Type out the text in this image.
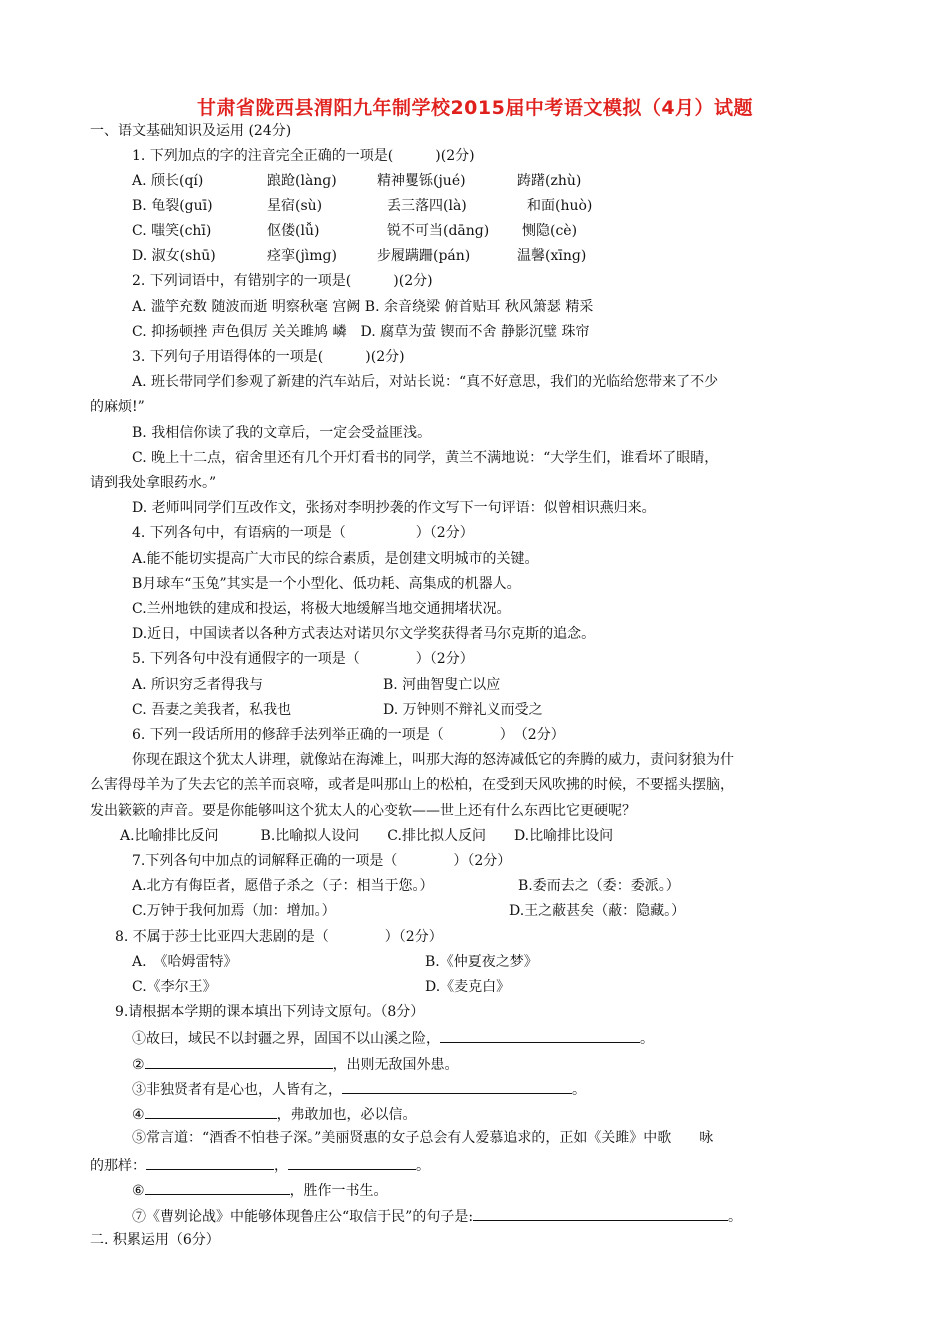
甘肃省陇西县渭阳九年制学校2015届中考语文模拟（4月）试题
一、语文基础知识及运用 (24分)
1. 下列加点的字的注音完全正确的一项是(　　　)(2分)
A. 颀长(qí)	踉跄(lànɡ)	精神矍铄(jué)	踌躇(zhù)
B. 龟裂(guī)	星宿(sù)	丢三落四(là)	和面(huò)
C. 嗤笑(chī)	伛偻(lǚ)	锐不可当(dānɡ) 恻隐(cè)
D. 淑女(shū)	痉挛(jìmɡ)	步履蹒跚(pán)	温馨(xīnɡ)
2. 下列词语中，有错别字的一项是(　　　)(2分)
A. 滥竽充数 随波而逝 明察秋毫 宫阙 B. 余音绕梁 俯首贴耳 秋风箫瑟 精采
C. 抑扬顿挫 声色俱厉 关关雎鸠 嶙　D. 腐草为萤 锲而不舍 静影沉璧 珠帘
3. 下列句子用语得体的一项是(　　　)(2分)
A. 班长带同学们参观了新建的汽车站后，对站长说：“真不好意思，我们的光临给您带来了不少
的麻烦!”
B. 我相信你读了我的文章后，一定会受益匪浅。
C. 晚上十二点，宿舍里还有几个开灯看书的同学，黄兰不满地说：“大学生们，谁看坏了眼睛，
请到我处拿眼药水。”
D. 老师叫同学们互改作文，张扬对李明抄袭的作文写下一句评语：似曾相识燕归来。
4. 下列各句中，有语病的一项是（　　　　　）（2分）
A.能不能切实提高广大市民的综合素质，是创建文明城市的关键。
B月球车“玉兔”其实是一个小型化、低功耗、高集成的机器人。
C.兰州地铁的建成和投运，将极大地缓解当地交通拥堵状况。
D.近日，中国读者以各种方式表达对诺贝尔文学奖获得者马尔克斯的追念。
5. 下列各句中没有通假字的一项是（　　　　）（2分）
A. 所识穷乏者得我与	B. 河曲智叟亡以应
C. 吾妻之美我者，私我也	D. 万钟则不辩礼义而受之
6. 下列一段话所用的修辞手法列举正确的一项是（　　　　）　（2分）
你现在跟这个犹太人讲理，就像站在海滩上，叫那大海的怒涛减低它的奔腾的威力，责问豺狼为什
么害得母羊为了失去它的羔羊而哀啼，或者是叫那山上的松柏，在受到天风吹拂的时候，不要摇头摆脑，
发出簌簌的声音。要是你能够叫这个犹太人的心变软——世上还有什么东西比它更硬呢？
A.比喻排比反问　　　B.比喻拟人设问　　C.排比拟人反问　　D.比喻排比设问
7.下列各句中加点的词解释正确的一项是（　　　　）（2分）
A.北方有侮臣者，愿借子杀之（子：相当于您。）	B.委而去之（委：委派。）
C.万钟于我何加焉（加：增加。）	D.王之蔽甚矣（蔽：隐藏。）
8. 不属于莎士比亚四大悲剧的是（　　　　）（2分）
A.　《哈姆雷特》	B.《仲夏夜之梦》
C.《李尔王》	D.《麦克白》
9.请根据本学期的课本填出下列诗文原句。（8分）
①故曰，域民不以封疆之界，固国不以山溪之险，	。
②	，出则无敌国外患。
③非独贤者有是心也，人皆有之，	。
④	，弗敢加也，必以信。
⑤常言道：“酒香不怕巷子深。”美丽贤惠的女子总会有人爱慕追求的，正如《关雎》中歌　　咏
的那样：	，	。
⑥	，胜作一书生。
⑦《曹刿论战》中能够体现鲁庄公“取信于民”的句子是:	。
二. 积累运用（6分）
